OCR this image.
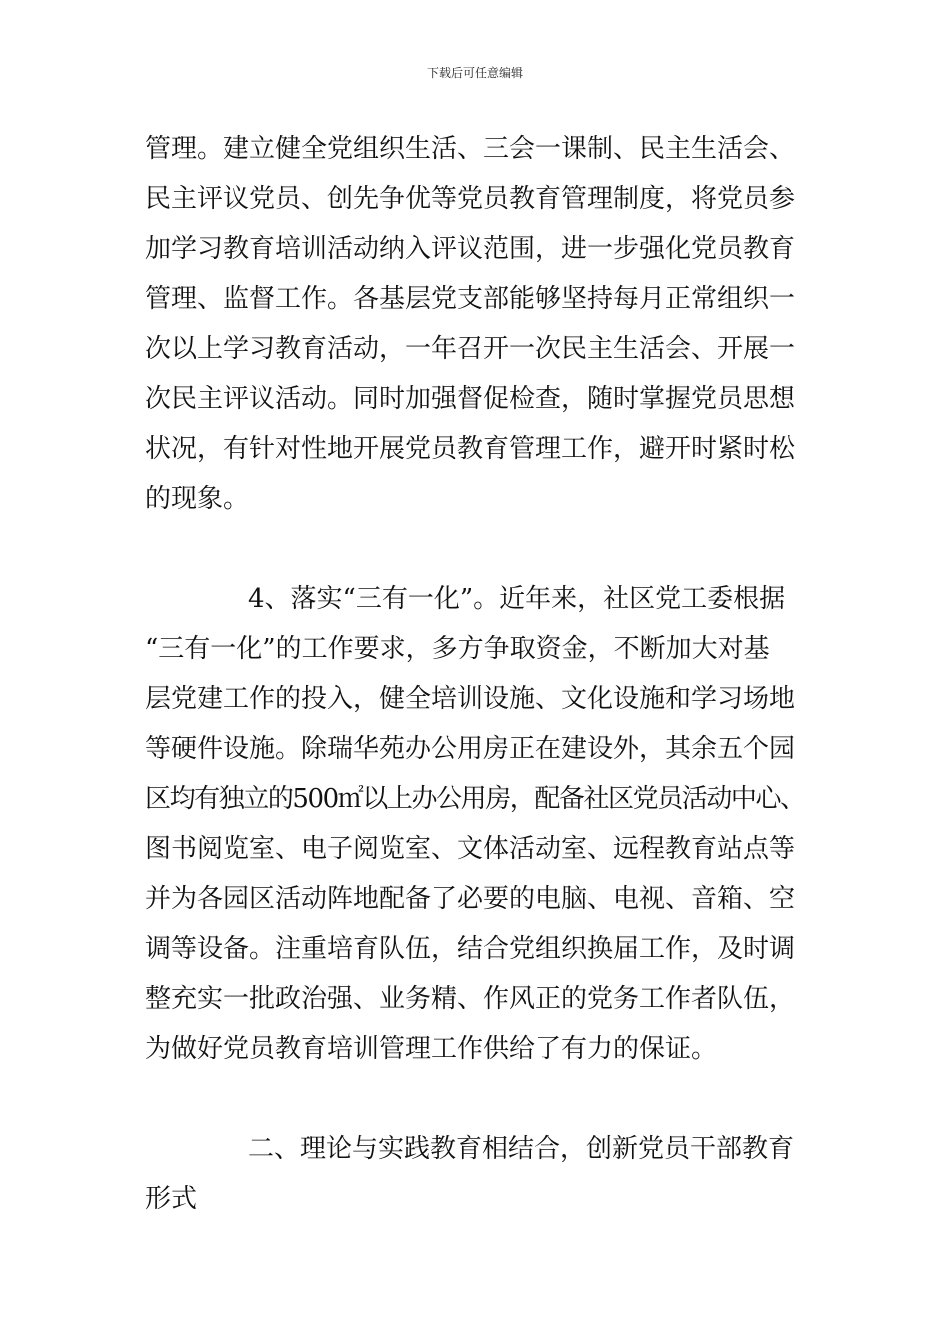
下载后可任意编辑
管理。建立健全党组织生活、三会一课制、民主生活会、
民主评议党员、创先争优等党员教育管理制度，将党员参
加学习教育培训活动纳入评议范围，进一步强化党员教育
管理、监督工作。各基层党支部能够坚持每月正常组织一
次以上学习教育活动，一年召开一次民主生活会、开展一
次民主评议活动。同时加强督促检查，随时掌握党员思想
状况，有针对性地开展党员教育管理工作，避开时紧时松
的现象。
4、落实“三有一化”。近年来，社区党工委根据
“三有一化”的工作要求，多方争取资金，不断加大对基
层党建工作的投入，健全培训设施、文化设施和学习场地
等硬件设施。除瑞华苑办公用房正在建设外，其余五个园
区均有独立的500㎡以上办公用房，配备社区党员活动中心、
图书阅览室、电子阅览室、文体活动室、远程教育站点等
并为各园区活动阵地配备了必要的电脑、电视、音箱、空
调等设备。注重培育队伍，结合党组织换届工作，及时调
整充实一批政治强、业务精、作风正的党务工作者队伍，
为做好党员教育培训管理工作供给了有力的保证。
二、理论与实践教育相结合，创新党员干部教育
形式
